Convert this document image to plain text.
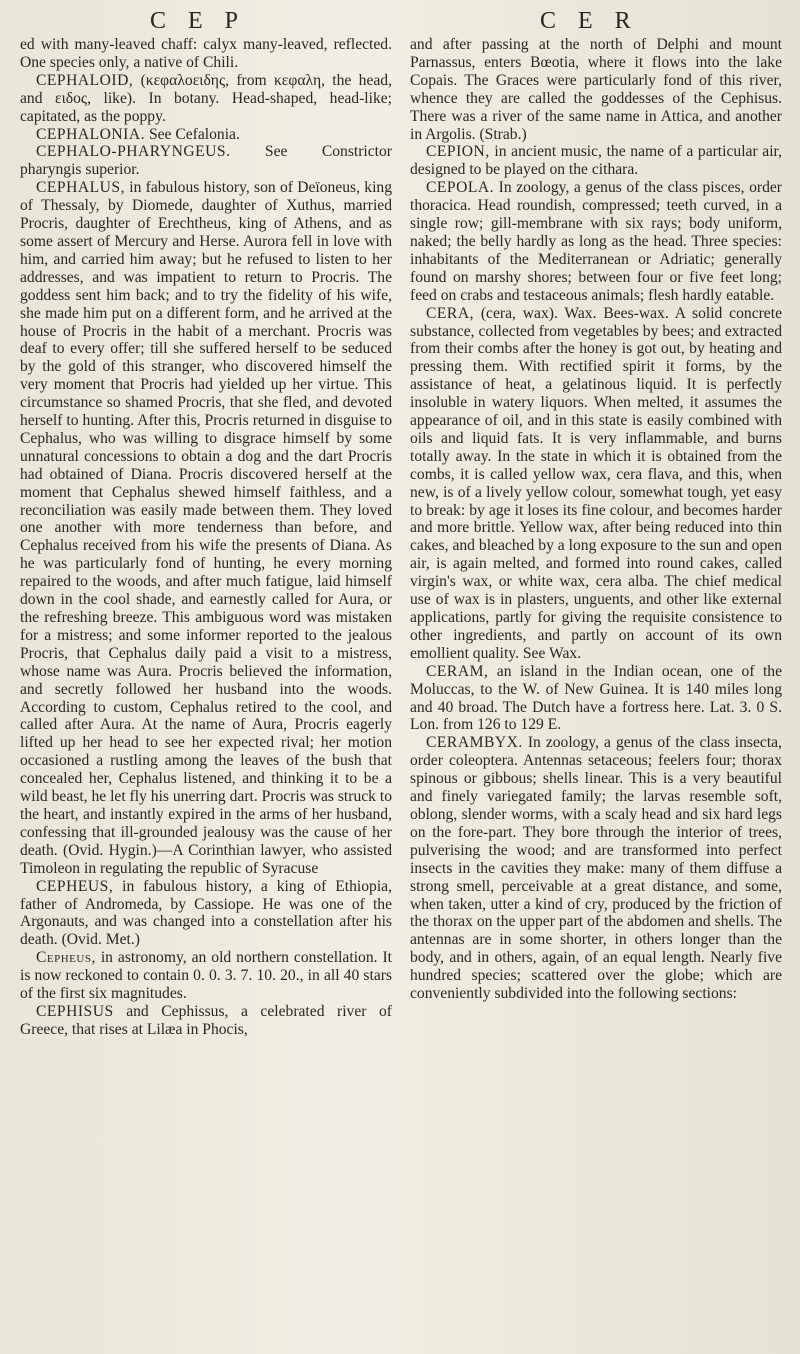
C E P

ed with many-leaved chaff: calyx many-leaved, reflected. One species only, a native of Chili.

CEPHALOID, (κεφαλοειδης, from κεφαλη, the head, and ειδος, like). In botany. Head-shaped, head-like; capitated, as the poppy.

CEPHALONIA. See Cefalonia.

CEPHALO-PHARYNGEUS. See Constrictor pharyngis superior.

CEPHALUS, in fabulous history, son of Deïoneus, king of Thessaly, by Diomede, daughter of Xuthus, married Procris, daughter of Erechtheus, king of Athens, and as some assert of Mercury and Herse. Aurora fell in love with him, and carried him away; but he refused to listen to her addresses, and was impatient to return to Procris. The goddess sent him back; and to try the fidelity of his wife, she made him put on a different form, and he arrived at the house of Procris in the habit of a merchant. Procris was deaf to every offer; till she suffered herself to be seduced by the gold of this stranger, who discovered himself the very moment that Procris had yielded up her virtue. This circumstance so shamed Procris, that she fled, and devoted herself to hunting. After this, Procris returned in disguise to Cephalus, who was willing to disgrace himself by some unnatural concessions to obtain a dog and the dart Procris had obtained of Diana. Procris discovered herself at the moment that Cephalus shewed himself faithless, and a reconciliation was easily made between them. They loved one another with more tenderness than before, and Cephalus received from his wife the presents of Diana. As he was particularly fond of hunting, he every morning repaired to the woods, and after much fatigue, laid himself down in the cool shade, and earnestly called for Aura, or the refreshing breeze. This ambiguous word was mistaken for a mistress; and some informer reported to the jealous Procris, that Cephalus daily paid a visit to a mistress, whose name was Aura. Procris believed the information, and secretly followed her husband into the woods. According to custom, Cephalus retired to the cool, and called after Aura. At the name of Aura, Procris eagerly lifted up her head to see her expected rival; her motion occasioned a rustling among the leaves of the bush that concealed her, Cephalus listened, and thinking it to be a wild beast, he let fly his unerring dart. Procris was struck to the heart, and instantly expired in the arms of her husband, confessing that ill-grounded jealousy was the cause of her death. (Ovid. Hygin.)—A Corinthian lawyer, who assisted Timoleon in regulating the republic of Syracuse

CEPHEUS, in fabulous history, a king of Ethiopia, father of Andromeda, by Cassiope. He was one of the Argonauts, and was changed into a constellation after his death. (Ovid. Met.)

Cepheus, in astronomy, an old northern constellation. It is now reckoned to contain 0. 0. 3. 7. 10. 20., in all 40 stars of the first six magnitudes.

CEPHISUS and Cephissus, a celebrated river of Greece, that rises at Lilæa in Phocis,

C E R

and after passing at the north of Delphi and mount Parnassus, enters Bœotia, where it flows into the lake Copais. The Graces were particularly fond of this river, whence they are called the goddesses of the Cephisus. There was a river of the same name in Attica, and another in Argolis. (Strab.)

CEPION, in ancient music, the name of a particular air, designed to be played on the cithara.

CEPOLA. In zoology, a genus of the class pisces, order thoracica. Head roundish, compressed; teeth curved, in a single row; gill-membrane with six rays; body uniform, naked; the belly hardly as long as the head. Three species: inhabitants of the Mediterranean or Adriatic; generally found on marshy shores; between four or five feet long; feed on crabs and testaceous animals; flesh hardly eatable.

CERA, (cera, wax). Wax. Bees-wax. A solid concrete substance, collected from vegetables by bees; and extracted from their combs after the honey is got out, by heating and pressing them. With rectified spirit it forms, by the assistance of heat, a gelatinous liquid. It is perfectly insoluble in watery liquors. When melted, it assumes the appearance of oil, and in this state is easily combined with oils and liquid fats. It is very inflammable, and burns totally away. In the state in which it is obtained from the combs, it is called yellow wax, cera flava, and this, when new, is of a lively yellow colour, somewhat tough, yet easy to break: by age it loses its fine colour, and becomes harder and more brittle. Yellow wax, after being reduced into thin cakes, and bleached by a long exposure to the sun and open air, is again melted, and formed into round cakes, called virgin's wax, or white wax, cera alba. The chief medical use of wax is in plasters, unguents, and other like external applications, partly for giving the requisite consistence to other ingredients, and partly on account of its own emollient quality. See Wax.

CERAM, an island in the Indian ocean, one of the Moluccas, to the W. of New Guinea. It is 140 miles long and 40 broad. The Dutch have a fortress here. Lat. 3. 0 S. Lon. from 126 to 129 E.

CERAMBYX. In zoology, a genus of the class insecta, order coleoptera. Antennas setaceous; feelers four; thorax spinous or gibbous; shells linear. This is a very beautiful and finely variegated family; the larvas resemble soft, oblong, slender worms, with a scaly head and six hard legs on the fore-part. They bore through the interior of trees, pulverising the wood; and are transformed into perfect insects in the cavities they make: many of them diffuse a strong smell, perceivable at a great distance, and some, when taken, utter a kind of cry, produced by the friction of the thorax on the upper part of the abdomen and shells. The antennas are in some shorter, in others longer than the body, and in others, again, of an equal length. Nearly five hundred species; scattered over the globe; which are conveniently subdivided into the following sections:
